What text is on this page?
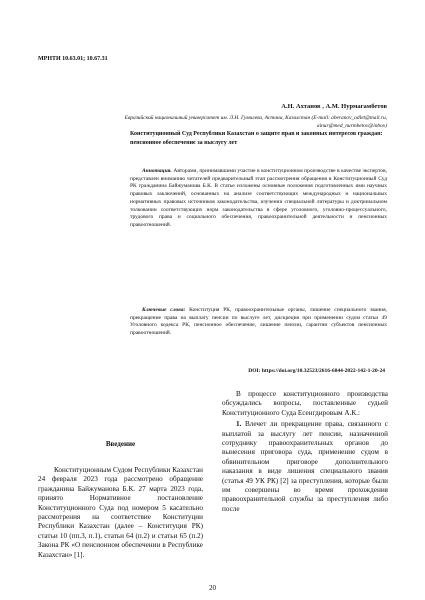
МРНТИ 10.63.01; 10.67.31
А.Н. Ахтанов , А.М. Нурмагамбетов
Евразийский национальный университет им. Л.Н. Гумилева, Астана, Казахстан (E-mail: aberanov_adlet@mail.ru, ainur@med_nurmbetov@inbox)
Конституционный Суд Республики Казахстан о защите прав и законных интересов граждан: пенсионное обеспечение за выслугу лет
Аннотация. Авторами, принимавшими участие в конституционном производстве в качестве экспертов, представлен вниманию читателей предварительный этап рассмотрения обращения в Конституционный Суд РК гражданина Байжуманова Б.К. В статье изложены основные положения подготовленных ими научных правовых заключений, основанных на анализе соответствующих международных и национальных нормативных правовых источников законодательства, изучении специальной литературы и доктринальном толковании соответствующих норм законодательства в сфере уголовного, уголовно-процессуального, трудового права и социального обеспечения, правоохранительной деятельности и пенсионных правоотношений.
Ключевые слова: Конституция РК, правоохранительные органы, лишение специального звания, прекращение права на выплату пенсии по выслуге лет, дискреция при применении судом статьи 49 Уголовного кодекса РК, пенсионное обеспечение, лишение пенсии, гарантии субъектов пенсионных правоотношений.
DOI: https://doi.org/10.32523/2616-6844-2022-142-1-20-24
Введение

Конституционным Судом Республики Казахстан 24 февраля 2023 года рассмотрено обращение гражданина Байжуманова Б.К. 27 марта 2023 года, принято Нормативное постановление Конституционного Суда под номером 5 касательно рассмотрения на соответствие Конституции Республики Казахстан (далее – Конституция РК) статьи 10 (пп.3, п.1), статьи 64 (п.2) и статьи 65 (п.2) Закона РК «О пенсионном обеспечении в Республике Казахстан» [1].

В процессе конституционного производства обсуждались вопросы, поставленные судьей Конституционного Суда Есенгдировым А.К.:

1. Влечет ли прекращение права, связанного с выплатой за выслугу лет пенсии, назначенной сотруднику правоохранительных органов до вынесения приговора суда, применение судом в обвинительном приговоре дополнительного наказания в виде лишения специального звания (статья 49 УК РК) [2] за преступления, которые были им совершены во время прохождения правоохранительной службы за преступления либо после

20
